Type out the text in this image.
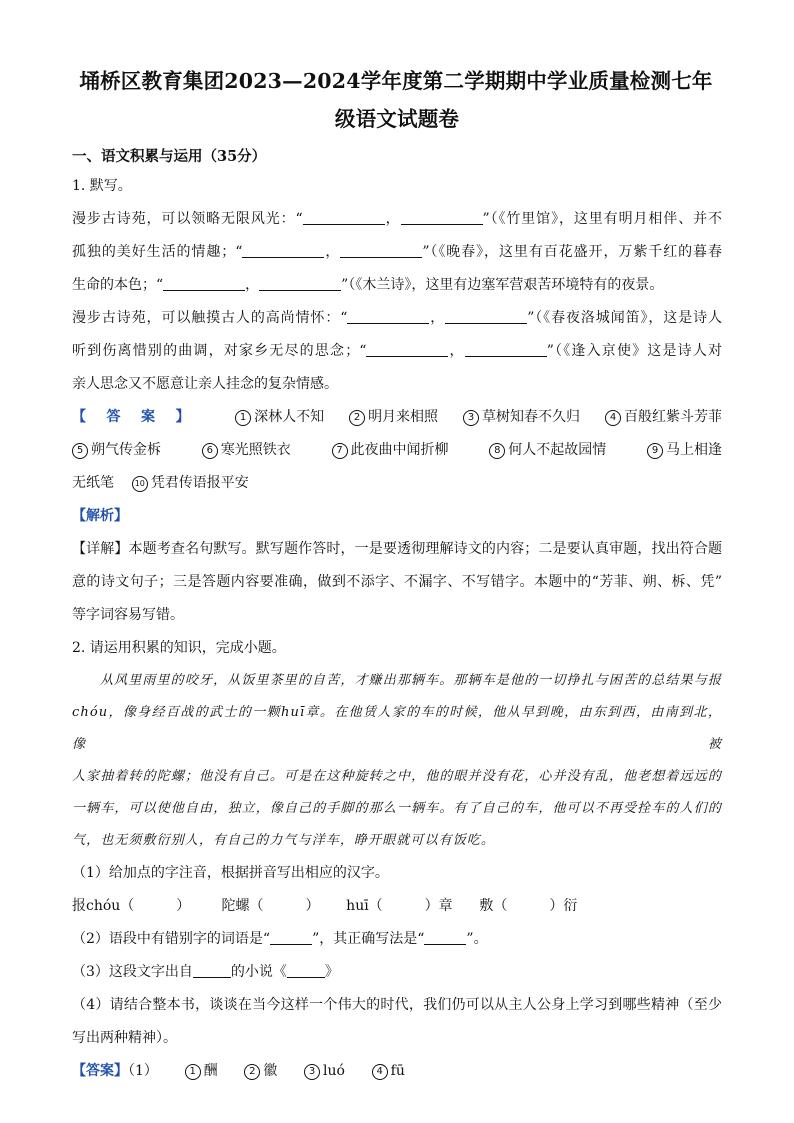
埇桥区教育集团2023—2024学年度第二学期期中学业质量检测七年
级语文试题卷
一、语文积累与运用（35分）
1. 默写。
漫步古诗苑，可以领略无限风光：“	，	”（《竹里馆》，这里有明月相伴、并不
孤独的美好生活的情趣；“	，	”（《晚春》，这里有百花盛开，万紫千红的暮春
生命的本色；“	，	”（《木兰诗》，这里有边塞军营艰苦环境特有的夜景。
漫步古诗苑，可以触摸古人的高尚情怀：“	，	”（《春夜洛城闻笛》，这是诗人
听到伤离惜别的曲调，对家乡无尽的思念；“	，	”（《逢入京使》这是诗人对
亲人思念又不愿意让亲人挂念的复杂情感。
【答案】	1 深林人不知	2 明月来相照	3 草树知春不久归	4 百般红紫斗芳菲
5 朔气传金柝	6 寒光照铁衣	7 此夜曲中闻折柳	8 何人不起故园情	9 马上相逢
无纸笔	10 凭君传语报平安
【解析】
【详解】本题考查名句默写。默写题作答时，一是要透彻理解诗文的内容；二是要认真审题，找出符合题
意的诗文句子；三是答题内容要准确，做到不添字、不漏字、不写错字。本题中的“芳菲、朔、柝、凭”
等字词容易写错。
2. 请运用积累的知识，完成小题。
从风里雨里的咬牙，从饭里茶里的自苦，才赚出那辆车。那辆车是他的一切挣扎与困苦的总结果与报
chóu，像身经百战的武士的一颗huī章。在他赁人家的车的时候，他从早到晚，由东到西，由南到北，像被
人家抽着转的陀螺；他没有自己。可是在这种旋转之中，他的眼并没有花，心并没有乱，他老想着远远的
一辆车，可以使他自由，独立，像自己的手脚的那么一辆车。有了自己的车，他可以不再受拴车的人们的
气，也无须敷衍别人，有自己的力气与洋车，睁开眼就可以有饭吃。
（1）给加点的字注音，根据拼音写出相应的汉字。
报chóu（　　　） 陀螺（　　　） huī（　　　）章 敷（　　　）衍
（2）语段中有错别字的词语是“	”，其正确写法是“	”。
（3）这段文字出自	的小说《	》
（4）请结合整本书，谈谈在当今这样一个伟大的时代，我们仍可以从主人公身上学习到哪些精神（至少
写出两种精神）。
【答案】（1）	1 酬	2 徽	3 luó	4 fū
